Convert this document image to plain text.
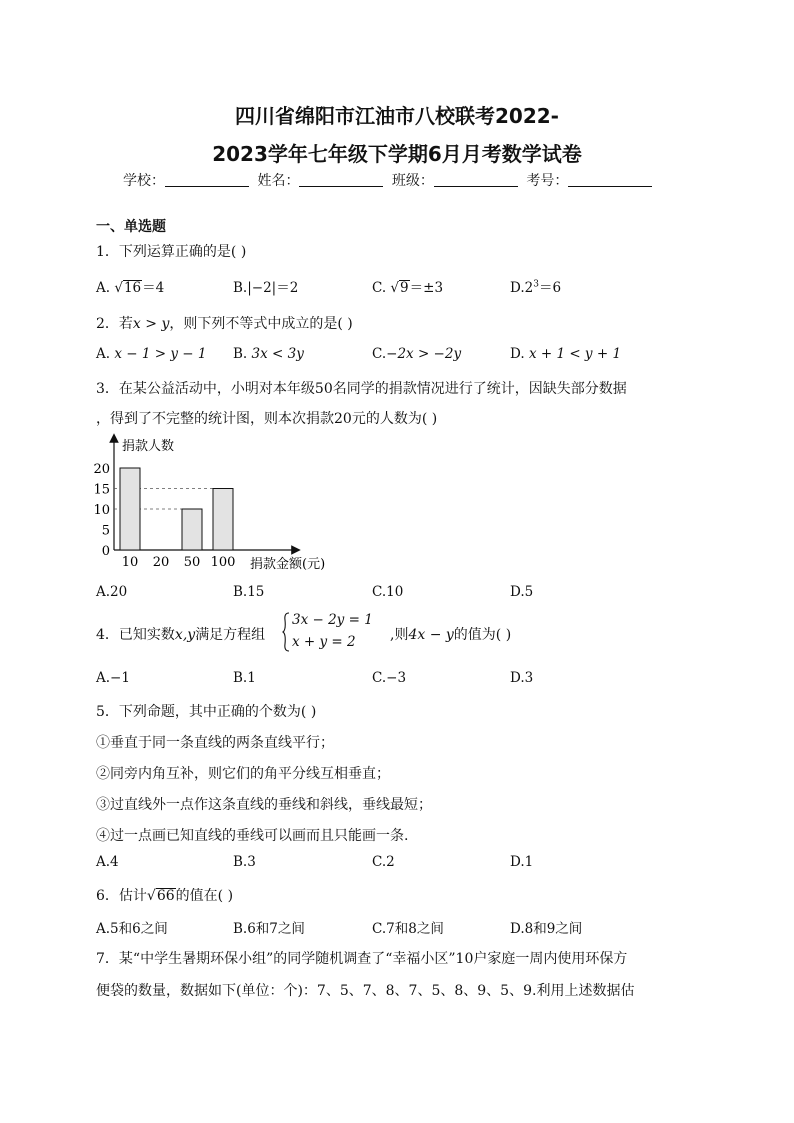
四川省绵阳市江油市八校联考2022-
2023学年七年级下学期6月月考数学试卷
学校：	姓名：	班级：	考号：
一、单选题
1．下列运算正确的是( )
A. √16＝4	B.|−2|＝2	C. √9＝±3	$D.2^3=6$
2．若x > y，则下列不等式中成立的是( )
A. x − 1 > y − 1 B. 3x < 3y	C.−2x > −2y	D. x + 1 < y + 1
3．在某公益活动中，小明对本年级50名同学的捐款情况进行了统计，因缺失部分数据
，得到了不完整的统计图，则本次捐款20元的人数为( )
捐款人数
捐款金额(元)
0
5
10
15
20
10 20 50 100
A.20	B.15	C.10	D.5
4．已知实数x,y满足方程组
3x − 2y = 1
x + y = 2 ,则4x − y的值为( )
A.−1	B.1	C.−3	D.3
5．下列命题，其中正确的个数为( )
①垂直于同一条直线的两条直线平行；
②同旁内角互补，则它们的角平分线互相垂直；
③过直线外一点作这条直线的垂线和斜线，垂线最短；
④过一点画已知直线的垂线可以画而且只能画一条.
A.4	B.3	C.2	D.1
6．估计√66的值在( )
A.5和6之间	B.6和7之间	C.7和8之间	D.8和9之间
7．某“中学生暑期环保小组”的同学随机调查了“幸福小区”10户家庭一周内使用环保方
便袋的数量，数据如下(单位：个)：7、5、7、8、7、5、8、9、5、9.利用上述数据估
